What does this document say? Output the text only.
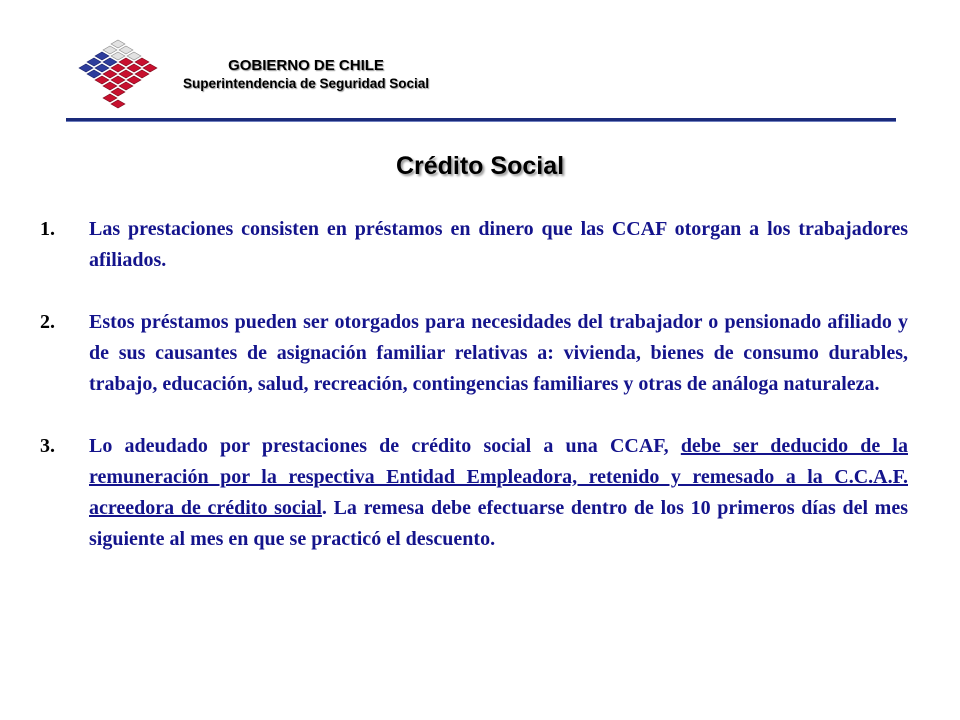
GOBIERNO DE CHILE
Superintendencia de Seguridad Social
Crédito Social
1. Las prestaciones consisten en préstamos en dinero que las CCAF otorgan a los trabajadores afiliados.
2. Estos préstamos pueden ser otorgados para necesidades del trabajador o pensionado afiliado y de sus causantes de asignación familiar relativas a: vivienda, bienes de consumo durables, trabajo, educación, salud, recreación, contingencias familiares y otras de análoga naturaleza.
3. Lo adeudado por prestaciones de crédito social a una CCAF, debe ser deducido de la remuneración por la respectiva Entidad Empleadora, retenido y remesado a la C.C.A.F. acreedora de crédito social. La remesa debe efectuarse dentro de los 10 primeros días del mes siguiente al mes en que se practicó el descuento.
